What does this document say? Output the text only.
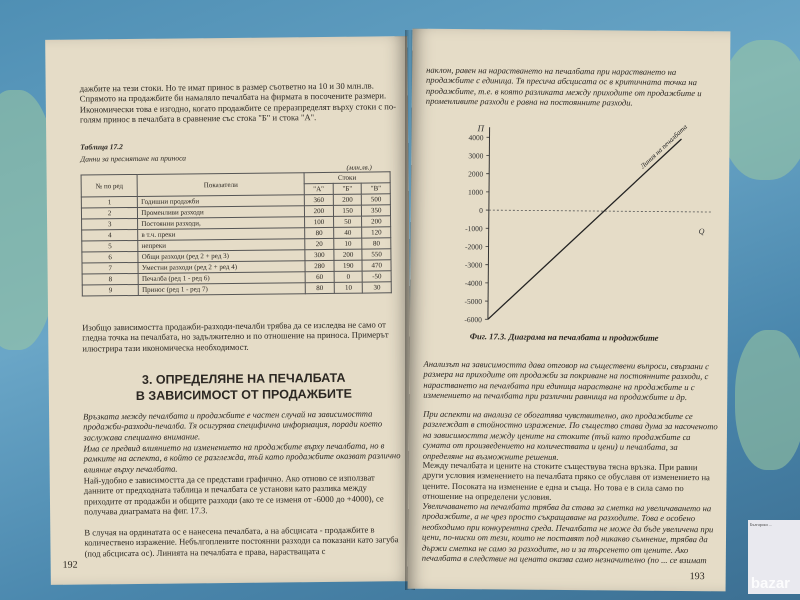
дажбите на тези стоки. Но те имат принос в размер съответно на 10 и 30 млн.лв. Спрямото на продажбите би намаляло печалбата на фирмата в посочените размери. Икономически това е изгодно, когато продажбите се преразпределят върху стоки с по-голям принос в печалбата в сравнение със стока "Б" и стока "А".
Таблица 17.2
Данни за пресмятане на приноса
(млн.лв.)
№ по ред	Показатели	Стоки		
		"А"	"Б"	"В"
1	Годишни продажби	360	200	500
2	Променливи разходи	200	150	350
3	Постоянни разходи,	100	50	200
4	в т.ч. преки	80	40	120
5	непреки	20	10	80
6	Общи разходи (ред 2 + ред 3)	300	200	550
7	Уместни разходи (ред 2 + ред 4)	280	190	470
8	Печалба (ред 1 - ред 6)	60	0	-50
9	Принос (ред 1 - ред 7)	80	10	30
Изобщо зависимостта продажби-разходи-печалби трябва да се изследва не само от гледна точка на печалбата, но задължително и по отношение на приноса. Примерът илюстрира тази икономическа необходимост.
3. ОПРЕДЕЛЯНЕ НА ПЕЧАЛБАТА
В ЗАВИСИМОСТ ОТ ПРОДАЖБИТЕ
Връзката между печалбата и продажбите е частен случай на зависимостта продажби-разходи-печалба. Тя осигурява специфична информация, поради което заслужава специално внимание.
Има се предвид влиянието на изменението на продажбите върху печалбата, но в рамките на аспекта, в който се разглежда, тъй като продажбите оказват различно влияние върху печалбата.
Най-удобно е зависимостта да се представи графично. Ако отново се използват данните от предходната таблица и печалбата се установи като разлика между приходите от продажби и общите разходи (ако те се изменя от -6000 до +4000), се получава диаграмата на фиг. 17.3.
В случая на ординатата ос е нанесена печалбата, а на абсцисата - продажбите в количествено изражение. Небългоплените постоянни разходи са показани като загуба (под абсцисата ос). Линията на печалбата е права, нарастващата с
192
наклон, равен на нарастването на печалбата при нарастването на продажбите с единица. Тя пресича абсцисата ос в критичната точка на продажбите, т.е. в която разликата между приходите от продажбите и променливите разходи е равна на постоянните разходи.
П
Q
4000
3000
2000
1000
0
-1000
-2000
-3000
-4000
-5000
-6000
Линия на печалбата
Фиг. 17.3. Диаграма на печалбата и продажбите
Анализът на зависимостта дава отговор на съществени въпроси, свързани с размера на приходите от продажби за покриване на постоянните разходи, с нарастването на печалбата при единица нарастване на продажбите и с изменението на печалбата при различни равнища на продажбите и др.
При аспекти на анализа се обогатява чувствително, ако продажбите се разглеждат в стойностно изражение. По същество става дума за насоченото на зависимостта между цените на стоките (тъй като продажбите са сумата от произведението на количествата и цени) и печалбата, за определяне на възможните решения.
Между печалбата и цените на стоките съществува тясна връзка. При равни други условия изменението на печалбата прякo се обуславя от изменението на цените. Посоката на изменение е една и съща. Но това е в сила само по отношение на определени условия.
Увеличаването на печалбата трябва да става за сметка на увеличаването на продажбите, а не чрез просто съкращаване на разходите. Това е особено необходимо при конкурентна среда. Печалбата не може да бъде увеличена при цени, по-ниски от тези, които не поставят под никакво съмнение, трябва да държи сметка не само за разходите, но и за търсенето от цените. Ако печалбата в следствие на цената оказва само незначително (по ... се взимат
193
Български ...
bazar
